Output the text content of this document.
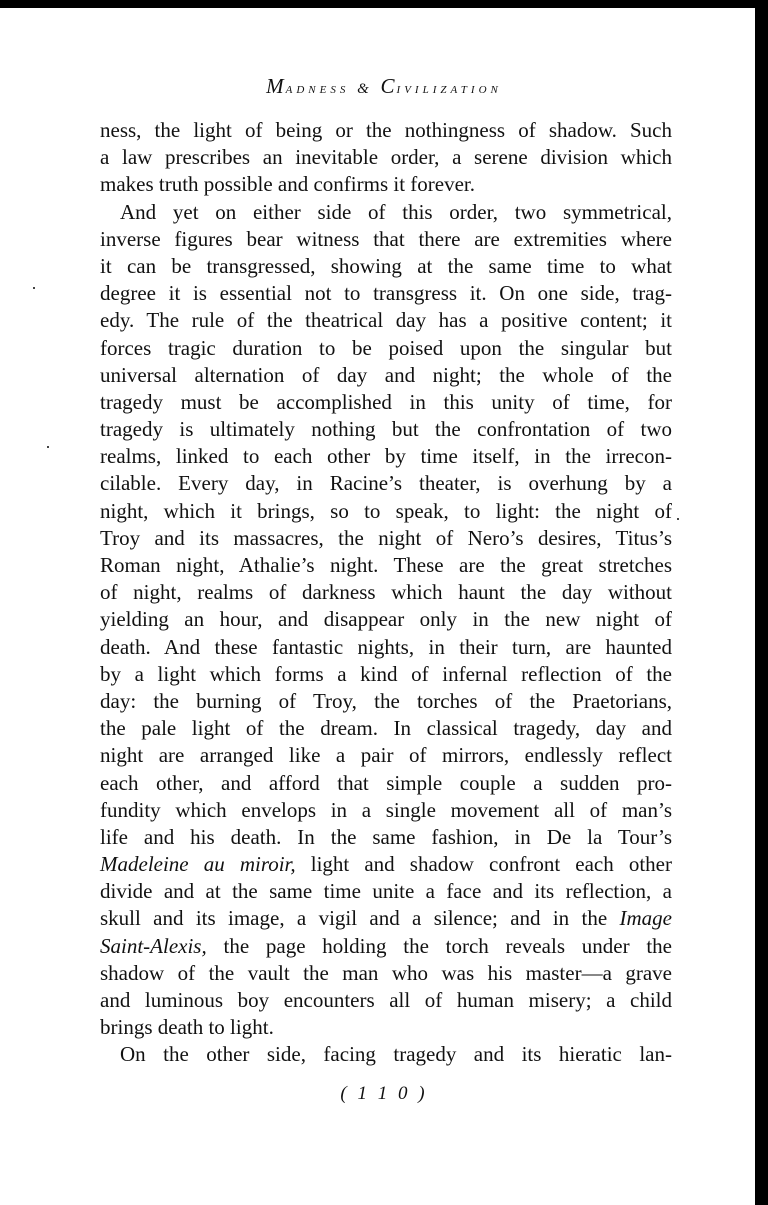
Madness & Civilization
ness, the light of being or the nothingness of shadow. Such
a law prescribes an inevitable order, a serene division which
makes truth possible and confirms it forever.
And yet on either side of this order, two symmetrical,
inverse figures bear witness that there are extremities where
it can be transgressed, showing at the same time to what
degree it is essential not to transgress it. On one side, trag-
edy. The rule of the theatrical day has a positive content; it
forces tragic duration to be poised upon the singular but
universal alternation of day and night; the whole of the
tragedy must be accomplished in this unity of time, for
tragedy is ultimately nothing but the confrontation of two
realms, linked to each other by time itself, in the irrecon-
cilable. Every day, in Racine’s theater, is overhung by a
night, which it brings, so to speak, to light: the night of
Troy and its massacres, the night of Nero’s desires, Titus’s
Roman night, Athalie’s night. These are the great stretches
of night, realms of darkness which haunt the day without
yielding an hour, and disappear only in the new night of
death. And these fantastic nights, in their turn, are haunted
by a light which forms a kind of infernal reflection of the
day: the burning of Troy, the torches of the Praetorians,
the pale light of the dream. In classical tragedy, day and
night are arranged like a pair of mirrors, endlessly reflect
each other, and afford that simple couple a sudden pro-
fundity which envelops in a single movement all of man’s
life and his death. In the same fashion, in De la Tour’s
Madeleine au miroir, light and shadow confront each other
divide and at the same time unite a face and its reflection, a
skull and its image, a vigil and a silence; and in the Image
Saint-Alexis, the page holding the torch reveals under the
shadow of the vault the man who was his master—a grave
and luminous boy encounters all of human misery; a child
brings death to light.
On the other side, facing tragedy and its hieratic lan-
( 1 1 0 )
